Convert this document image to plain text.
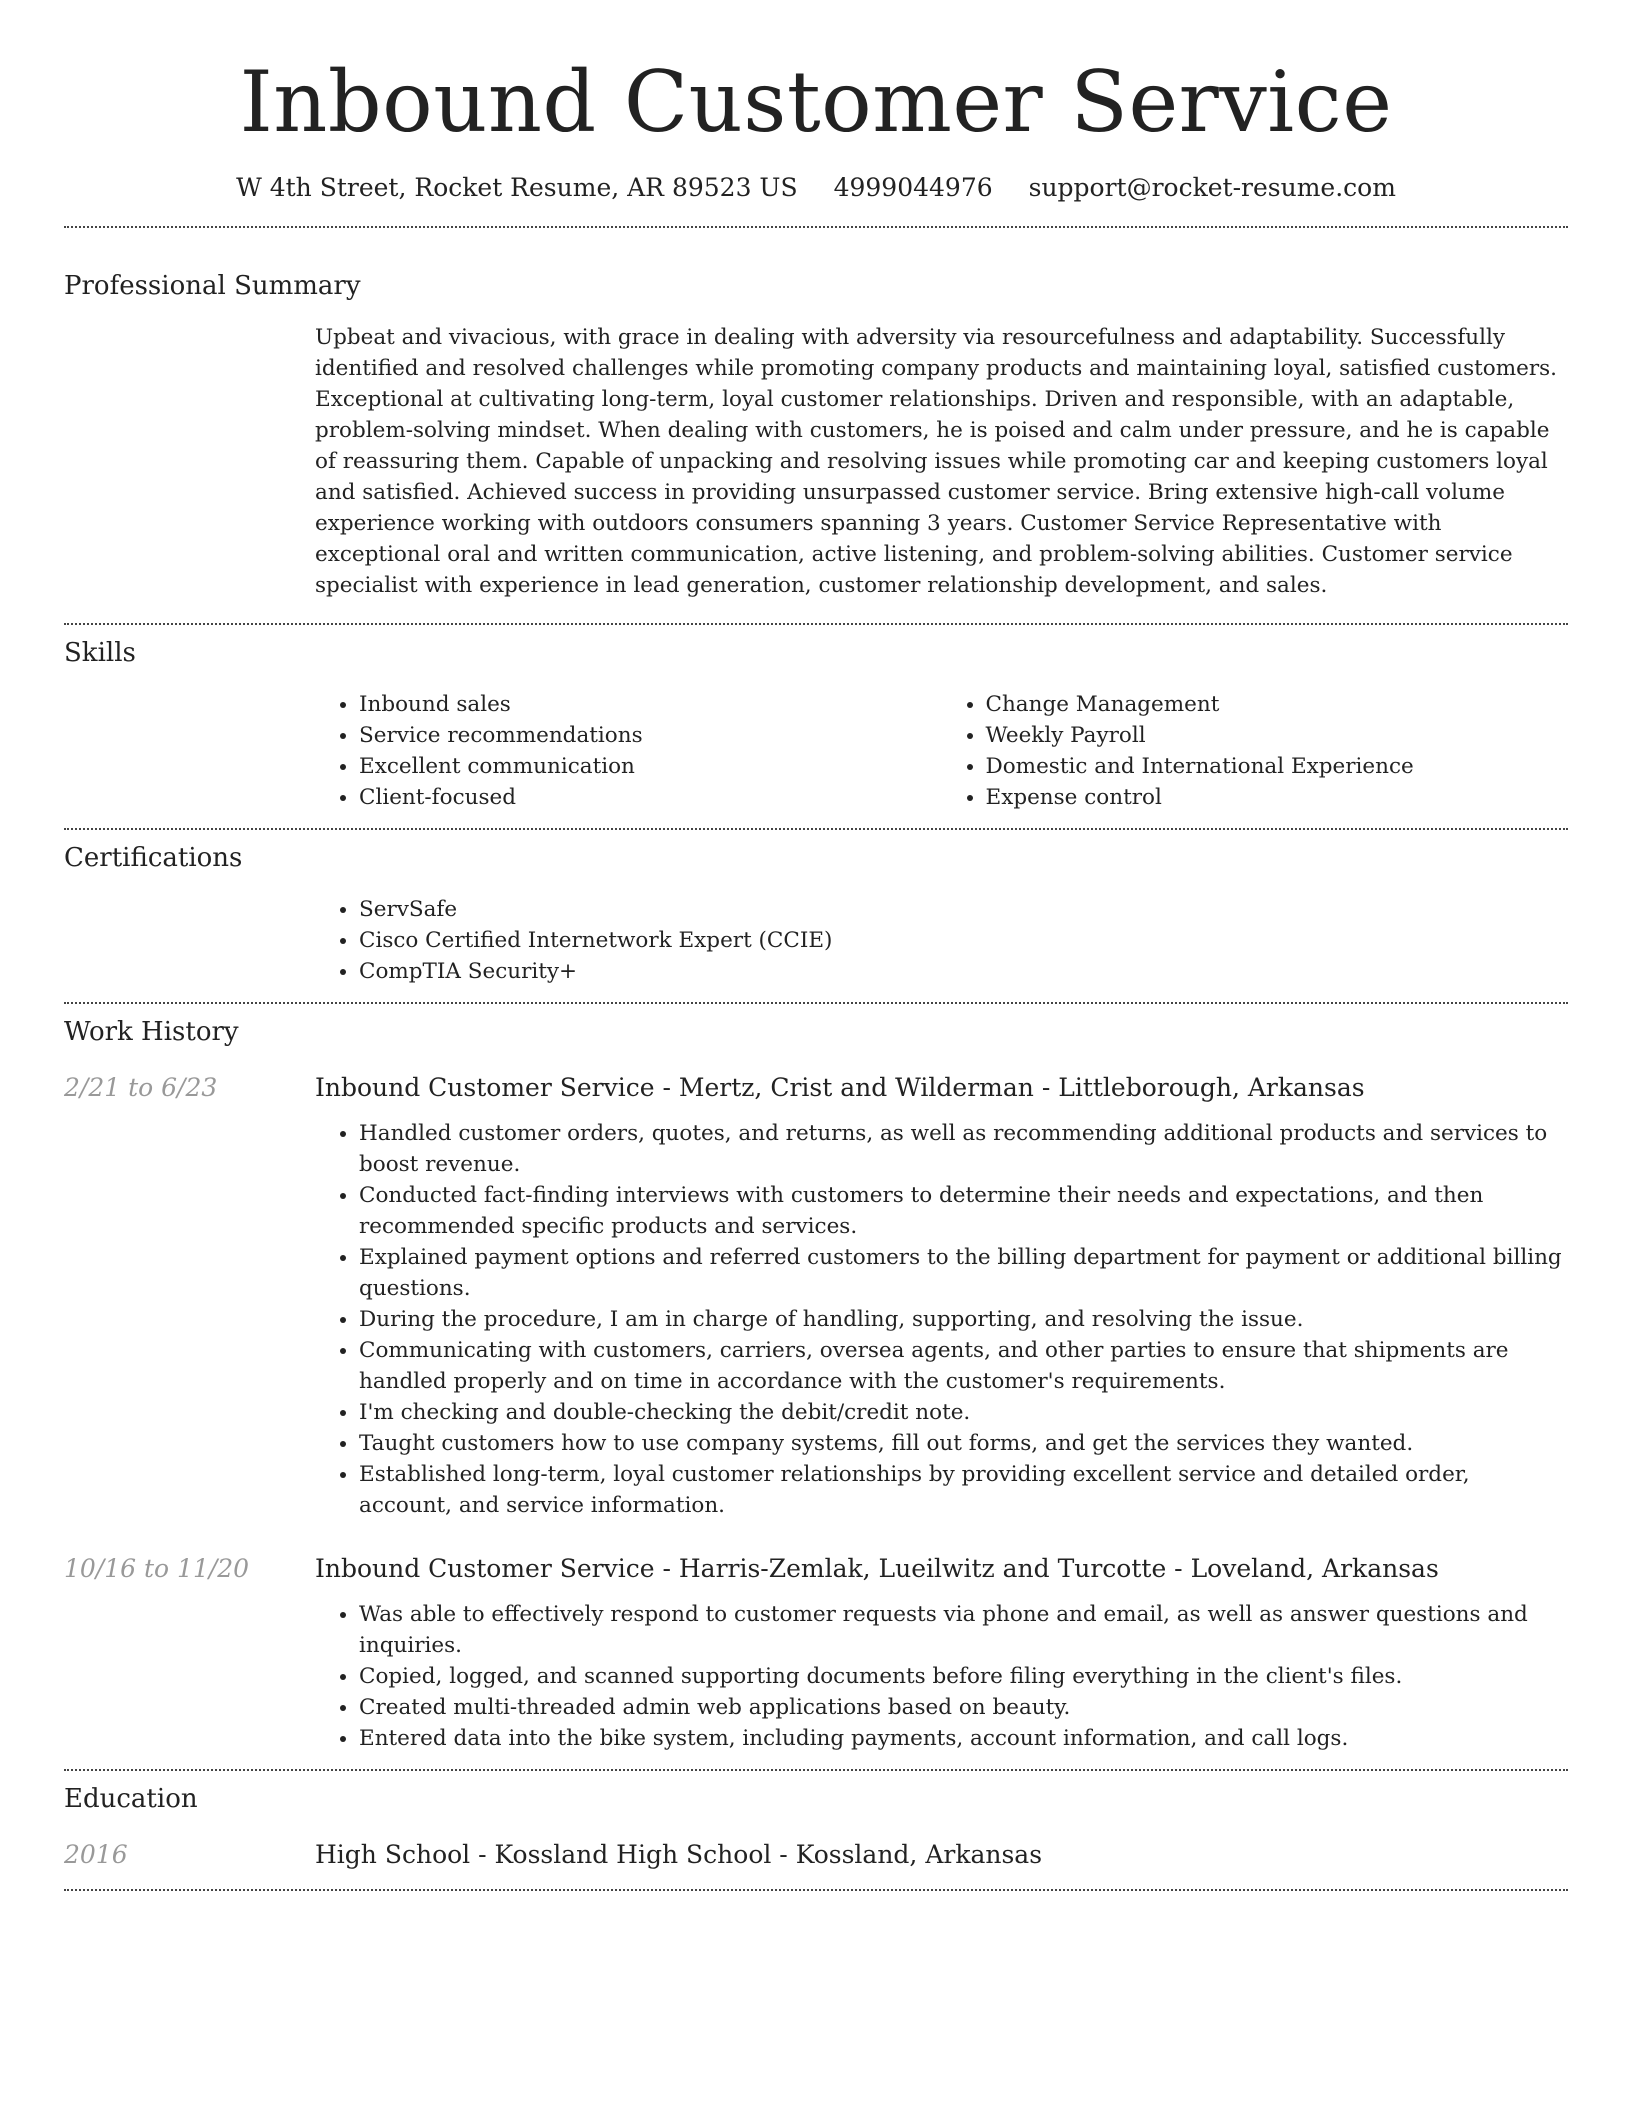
Inbound Customer Service
W 4th Street, Rocket Resume, AR 89523 US 4999044976 support@rocket-resume.com
Professional Summary

Upbeat and vivacious, with grace in dealing with adversity via resourcefulness and adaptability. Successfully identified and resolved challenges while promoting company products and maintaining loyal, satisfied customers. Exceptional at cultivating long-term, loyal customer relationships. Driven and responsible, with an adaptable, problem-solving mindset. When dealing with customers, he is poised and calm under pressure, and he is capable of reassuring them. Capable of unpacking and resolving issues while promoting car and keeping customers loyal and satisfied. Achieved success in providing unsurpassed customer service. Bring extensive high-call volume experience working with outdoors consumers spanning 3 years. Customer Service Representative with exceptional oral and written communication, active listening, and problem-solving abilities. Customer service specialist with experience in lead generation, customer relationship development, and sales.

Skills
• Inbound sales
• Service recommendations
• Excellent communication
• Client-focused
• Change Management
• Weekly Payroll
• Domestic and International Experience
• Expense control
Certifications
• ServSafe
• Cisco Certified Internetwork Expert (CCIE)
• CompTIA Security+
Work History
2/21 to 6/23	Inbound Customer Service - Mertz, Crist and Wilderman - Littleborough, Arkansas
• Handled customer orders, quotes, and returns, as well as recommending additional products and services to boost revenue.
• Conducted fact-finding interviews with customers to determine their needs and expectations, and then recommended specific products and services.
• Explained payment options and referred customers to the billing department for payment or additional billing questions.
• During the procedure, I am in charge of handling, supporting, and resolving the issue.
• Communicating with customers, carriers, oversea agents, and other parties to ensure that shipments are handled properly and on time in accordance with the customer's requirements.
• I'm checking and double-checking the debit/credit note.
• Taught customers how to use company systems, fill out forms, and get the services they wanted.
• Established long-term, loyal customer relationships by providing excellent service and detailed order, account, and service information.
10/16 to 11/20	Inbound Customer Service - Harris-Zemlak, Lueilwitz and Turcotte - Loveland, Arkansas
• Was able to effectively respond to customer requests via phone and email, as well as answer questions and inquiries.
• Copied, logged, and scanned supporting documents before filing everything in the client's files.
• Created multi-threaded admin web applications based on beauty.
• Entered data into the bike system, including payments, account information, and call logs.
Education
2016	High School - Kossland High School - Kossland, Arkansas
